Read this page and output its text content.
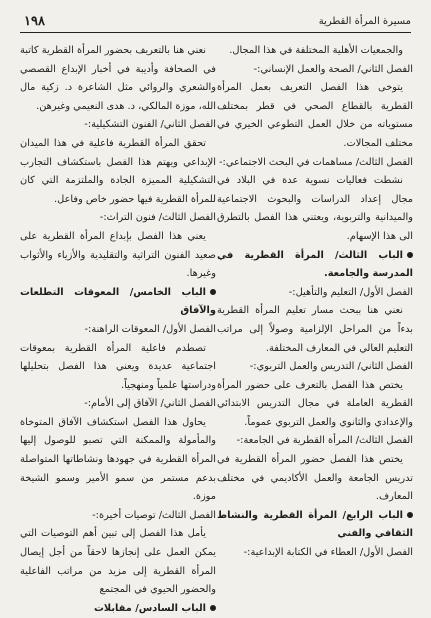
١٩٨	مسيرة المرأة القطرية

والجمعيات الأهلية المختلفة في هذا المجال.

الفصل الثاني/ الصحة والعمل الإنساني:-

يتوخى هذا الفصل التعريف بعمل المرأة القطرية بالقطاع الصحي في قطر بمختلف مستوياته من خلال العمل التطوعي الخيري في مختلف المجالات.

الفصل الثالث/ مساهمات في البحث الاجتماعي:-

نشطت فعاليات نسوية عدة في البلاد في مجال إعداد الدراسات والبحوث الاجتماعية والميدانية والتربوية، ويعتني هذا الفصل بالتطرق الى هذا الإسهام.

الباب الثالث/ المرأة القطرية في المدرسة والجامعة.

الفصل الأول/ التعليم والتأهيل:-

نعني هنا ببحث مسار تعليم المرأة القطرية بدءاً من المراحل الإلزامية وصولاً إلى مراتب التعليم العالي في المعارف المختلفة.

الفصل الثاني/ التدريس والعمل التربوي:-

يختص هذا الفصل بالتعرف على حضور المرأة القطرية العاملة في مجال التدريس الابتدائي والإعدادي والثانوي والعمل التربوي عموماً.

الفصل الثالث/ المرأة القطرية في الجامعة:-

يختص هذا الفصل حضور المرأة القطرية في تدريس الجامعة والعمل الأكاديمي في مختلف المعارف.

الباب الرابع/ المرأة القطرية والنشاط الثقافي والفني

الفصل الأول/ العطاء في الكتابة الإبداعية:-

نعني هنا بالتعريف بحضور المرأة القطرية كاتبة في الصحافة وأديبة في أخبار الإبداع القصصي والشعري والروائي مثل الشاعرة د. زكية مال الله، موزة المالكي، د. هدى النعيمي وغيرهن.

الفصل الثاني/ الفنون التشكيلية:-

تحقق المرأة القطرية فاعلية في هذا الميدان الإبداعي ويهتم هذا الفصل باستكشاف التجارب التشكيلية المميزة الجادة والملتزمة التي كان للمرأة القطرية فيها حضور خاص وفاعل.

الفصل الثالث/ فنون التراث:-

يعني هذا الفصل بإبداع المرأة القطرية على صعيد الفنون التراثية والتقليدية والأزياء والأثواب وغيرها.

الباب الخامس/ المعوقات التطلعات والآفاق

الفصل الأول/ المعوقات الراهنة:-

تصطدم فاعلية المرأة القطرية بمعوقات اجتماعية عديدة ويعني هذا الفصل بتحليلها ودراستها علمياً ومنهجياً.

الفصل الثاني/ الآفاق إلى الأمام:-

يحاول هذا الفصل استكشاف الآفاق المتوخاة والمأمولة والممكنة التي تصبو للوصول إليها المرأة القطرية في جهودها ونشاطاتها المتواصلة بدعم مستمر من سمو الأمير وسمو الشيخة موزة.

الفصل الثالث/ توصيات أخيرة:-

يأمل هذا الفصل إلى تبين أهم التوصيات التي يمكن العمل على إنجازها لاحقاً من أجل إيصال المرأة القطرية إلى مزيد من مراتب الفاعلية والحضور الحيوي في المجتمع

الباب السادس/ مقابلات
